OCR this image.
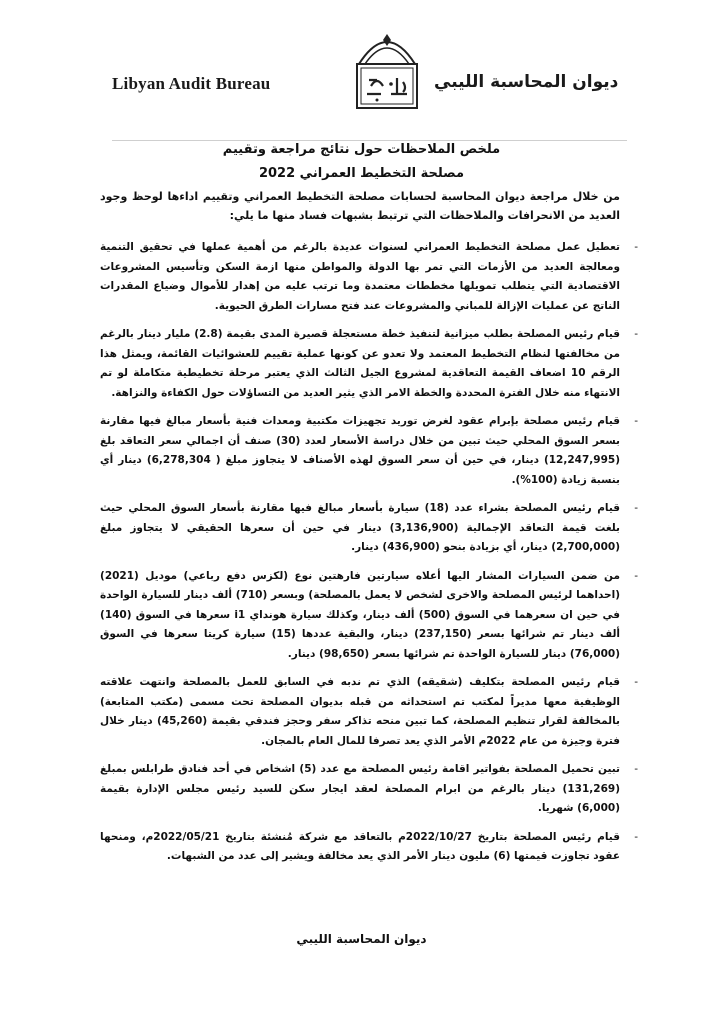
Libyan Audit Bureau	ديوان المحاسبة الليبي
ملخص الملاحظات حول نتائج مراجعة وتقييم
مصلحة التخطيط العمراني 2022
من خلال مراجعة ديوان المحاسبة لحسابات مصلحة التخطيط العمراني وتقييم اداءها لوحظ وجود العديد من الانحرافات والملاحظات التي ترتبط بشبهات فساد منها ما يلي:
-
تعطيل عمل مصلحة التخطيط العمراني لسنوات عديدة بالرغم من أهمية عملها في تحقيق التنمية ومعالجة العديد من الأزمات التي تمر بها الدولة والمواطن منها ازمة السكن وتأسيس المشروعات الاقتصادية التي يتطلب تمويلها مخططات معتمدة وما ترتب عليه من إهدار للأموال وضياع المقدرات الناتج عن عمليات الإزالة للمباني والمشروعات عند فتح مسارات الطرق الحيوية.
-
قيام رئيس المصلحة بطلب ميزانية لتنفيذ خطة مستعجلة قصيرة المدى بقيمة (2.8) مليار دينار بالرغم من مخالفتها لنظام التخطيط المعتمد ولا تعدو عن كونها عملية تقييم للعشوائيات القائمة، ويمثل هذا الرقم 10 اضعاف القيمة التعاقدية لمشروع الجيل الثالث الذي يعتبر مرحلة تخطيطية متكاملة لو تم الانتهاء منه خلال الفترة المحددة والخطة الامر الذي يثير العديد من التساؤلات حول الكفاءة والنزاهة.
-
قيام رئيس مصلحة بإبرام عقود لغرض توريد تجهيزات مكتبية ومعدات فنية بأسعار مبالغ فيها مقارنة بسعر السوق المحلي حيث تبين من خلال دراسة الأسعار لعدد (30) صنف أن اجمالي سعر التعاقد بلغ (12,247,995) دينار، في حين أن سعر السوق لهذه الأصناف لا يتجاوز مبلغ ( 6,278,304) دينار أي بنسبة زيادة (100%).
-
قيام رئيس المصلحة بشراء عدد (18) سيارة بأسعار مبالغ فيها مقارنة بأسعار السوق المحلي حيث بلغت قيمة التعاقد الإجمالية (3,136,900) دينار في حين أن سعرها الحقيقي لا يتجاوز مبلغ (2,700,000) دينار، أي بزيادة بنحو (436,900) دينار.
-
من ضمن السيارات المشار اليها أعلاه سيارتين فارهتين نوع (لكزس دفع رباعي) موديل (2021) (احداهما لرئيس المصلحة والاخرى لشخص لا يعمل بالمصلحة) وبسعر (710) ألف دينار للسيارة الواحدة في حين ان سعرهما في السوق (500) ألف دينار، وكذلك سيارة هونداي i1 سعرها في السوق (140) ألف دينار تم شرائها بسعر (237,150) دينار، والبقية عددها (15) سيارة كريتا سعرها في السوق (76,000) دينار للسيارة الواحدة تم شرائها بسعر (98,650) دينار.
-
قيام رئيس المصلحة بتكليف (شقيقه) الذي تم ندبه في السابق للعمل بالمصلحة وانتهت علاقته الوظيفية معها مديراً لمكتب تم استحداثه من قبله بديوان المصلحة تحت مسمى (مكتب المتابعة) بالمخالفة لقرار تنظيم المصلحة، كما تبين منحه تذاكر سفر وحجز فندقي بقيمة (45,260) دينار خلال فترة وجيزة من عام 2022م الأمر الذي يعد تصرفا للمال العام بالمجان.
-
تبين تحميل المصلحة بفواتير اقامة رئيس المصلحة مع عدد (5) اشخاص في أحد فنادق طرابلس بمبلغ (131,269) دينار بالرغم من ابرام المصلحة لعقد ايجار سكن للسيد رئيس مجلس الإدارة بقيمة (6,000) شهريا.
-
قيام رئيس المصلحة بتاريخ 2022/10/27م بالتعاقد مع شركة مُنشئة بتاريخ 2022/05/21م، ومنحها عقود تجاوزت قيمتها (6) مليون دينار الأمر الذي يعد مخالفة ويشير إلى عدد من الشبهات.
ديوان المحاسبة الليبي
